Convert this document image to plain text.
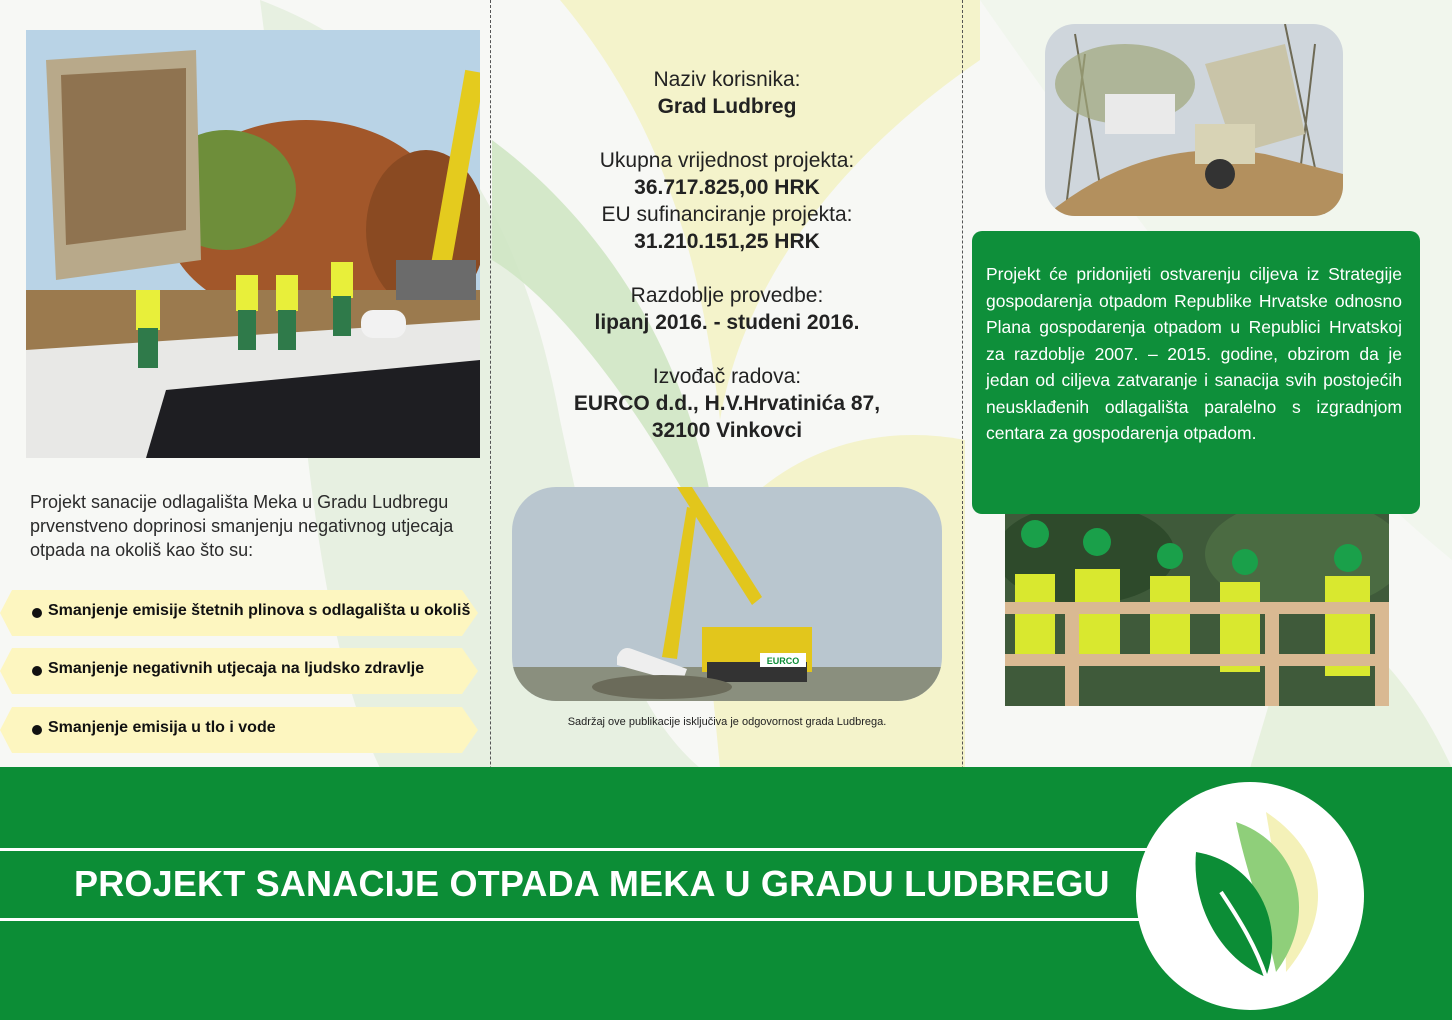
Projekt sanacije odlagališta Meka u Gradu Ludbregu prvenstveno doprinosi smanjenju negativnog utjecaja otpada na okoliš kao što su:
Smanjenje emisije štetnih plinova s odlagališta u okoliš
Smanjenje negativnih utjecaja na ljudsko zdravlje
Smanjenje emisija u tlo i vode
Naziv korisnika:
Grad Ludbreg
Ukupna vrijednost projekta:
36.717.825,00 HRK
EU sufinanciranje projekta:
31.210.151,25 HRK
Razdoblje provedbe:
lipanj 2016. - studeni 2016.
Izvođač radova:
EURCO d.d., H.V.Hrvatinića 87,
32100 Vinkovci
EURCO
Sadržaj ove publikacije isključiva je odgovornost grada Ludbrega.
Projekt će pridonijeti ostvarenju ciljeva iz Strategije gospodarenja otpadom Republike Hrvatske odnosno Plana gospodarenja otpadom u Republici Hrvatskoj za razdoblje 2007. – 2015. godine, obzirom da je jedan od ciljeva zatvaranje i sanacija svih postojećih neusklađenih odlagališta paralelno s izgradnjom centara za gospodarenja otpadom.
PROJEKT SANACIJE OTPADA MEKA U GRADU LUDBREGU
